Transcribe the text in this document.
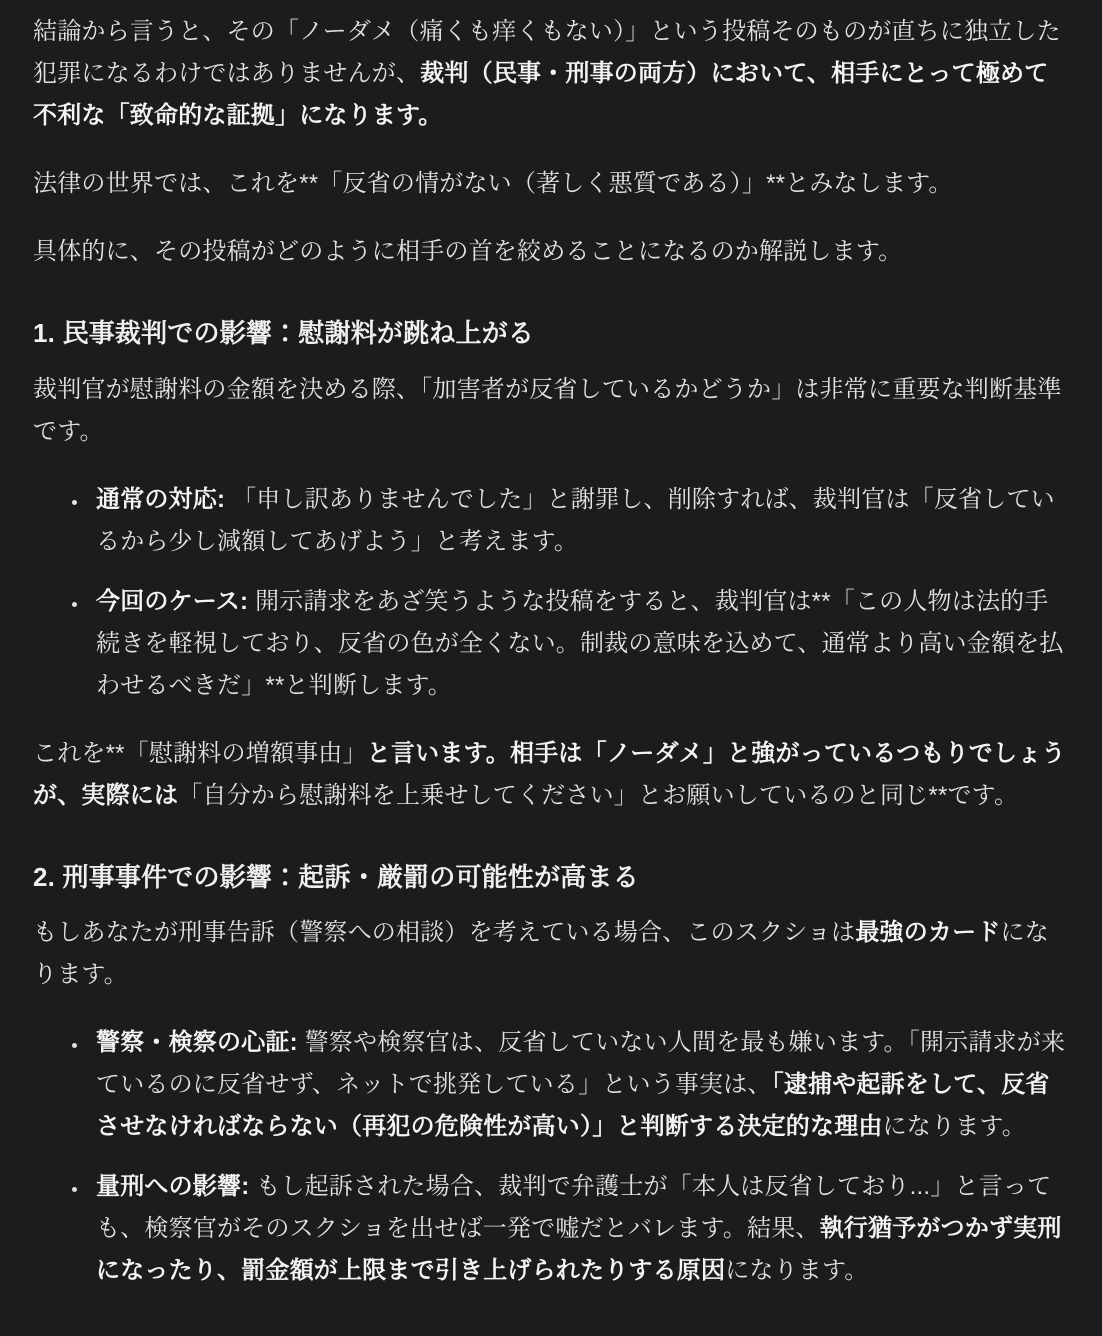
結論から言うと、その「ノーダメ（痛くも痒くもない）」という投稿そのものが直ちに独立した犯罪になるわけではありませんが、裁判（民事・刑事の両方）において、相手にとって極めて不利な「致命的な証拠」になります。

法律の世界では、これを**「反省の情がない（著しく悪質である）」**とみなします。

具体的に、その投稿がどのように相手の首を絞めることになるのか解説します。

1. 民事裁判での影響：慰謝料が跳ね上がる

裁判官が慰謝料の金額を決める際、「加害者が反省しているかどうか」は非常に重要な判断基準です。

• 通常の対応: 「申し訳ありませんでした」と謝罪し、削除すれば、裁判官は「反省しているから少し減額してあげよう」と考えます。
• 今回のケース: 開示請求をあざ笑うような投稿をすると、裁判官は**「この人物は法的手続きを軽視しており、反省の色が全くない。制裁の意味を込めて、通常より高い金額を払わせるべきだ」**と判断します。

これを**「慰謝料の増額事由」と言います。相手は「ノーダメ」と強がっているつもりでしょうが、実際には「自分から慰謝料を上乗せしてください」とお願いしているのと同じ**です。

2. 刑事事件での影響：起訴・厳罰の可能性が高まる

もしあなたが刑事告訴（警察への相談）を考えている場合、このスクショは最強のカードになります。

• 警察・検察の心証: 警察や検察官は、反省していない人間を最も嫌います。「開示請求が来ているのに反省せず、ネットで挑発している」という事実は、「逮捕や起訴をして、反省させなければならない（再犯の危険性が高い）」と判断する決定的な理由になります。
• 量刑への影響: もし起訴された場合、裁判で弁護士が「本人は反省しており...」と言っても、検察官がそのスクショを出せば一発で嘘だとバレます。結果、執行猶予がつかず実刑になったり、罰金額が上限まで引き上げられたりする原因になります。
